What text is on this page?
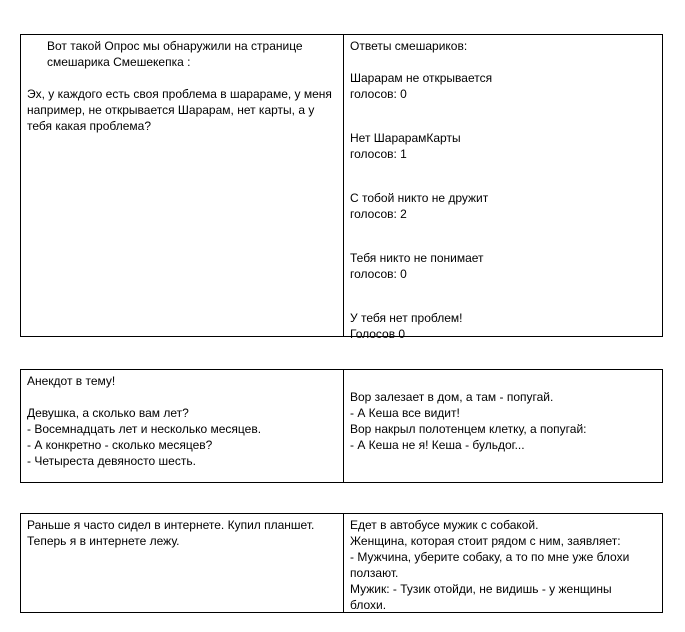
Вот такой Опрос мы обнаружили на странице
смешарика Смешекепка :
Эх, у каждого есть своя проблема в шарараме, у меня
например, не открывается Шарарам, нет карты, а у
тебя какая проблема?
Ответы смешариков:
Шарарам не открывается
голосов: 0
Нет ШарарамКарты
голосов: 1
С тобой никто не дружит
голосов: 2
Тебя никто не понимает
голосов: 0
У тебя нет проблем!
Голосов 0
Анекдот в тему!
Девушка, а сколько вам лет?
- Восемнадцать лет и несколько месяцев.
- А конкретно - сколько месяцев?
- Четыреста девяносто шесть.
Вор залезает в дом, а там - попугай.
- А Кеша все видит!
Вор накрыл полотенцем клетку, а попугай:
- А Кеша не я! Кеша - бульдог...
Раньше я часто сидел в интернете. Купил планшет.
Теперь я в интернете лежу.
Едет в автобусе мужик с собакой.
Женщина, которая стоит рядом с ним, заявляет:
- Мужчина, уберите собаку, а то по мне уже блохи
ползают.
Мужик: - Тузик отойди, не видишь - у женщины
блохи.
